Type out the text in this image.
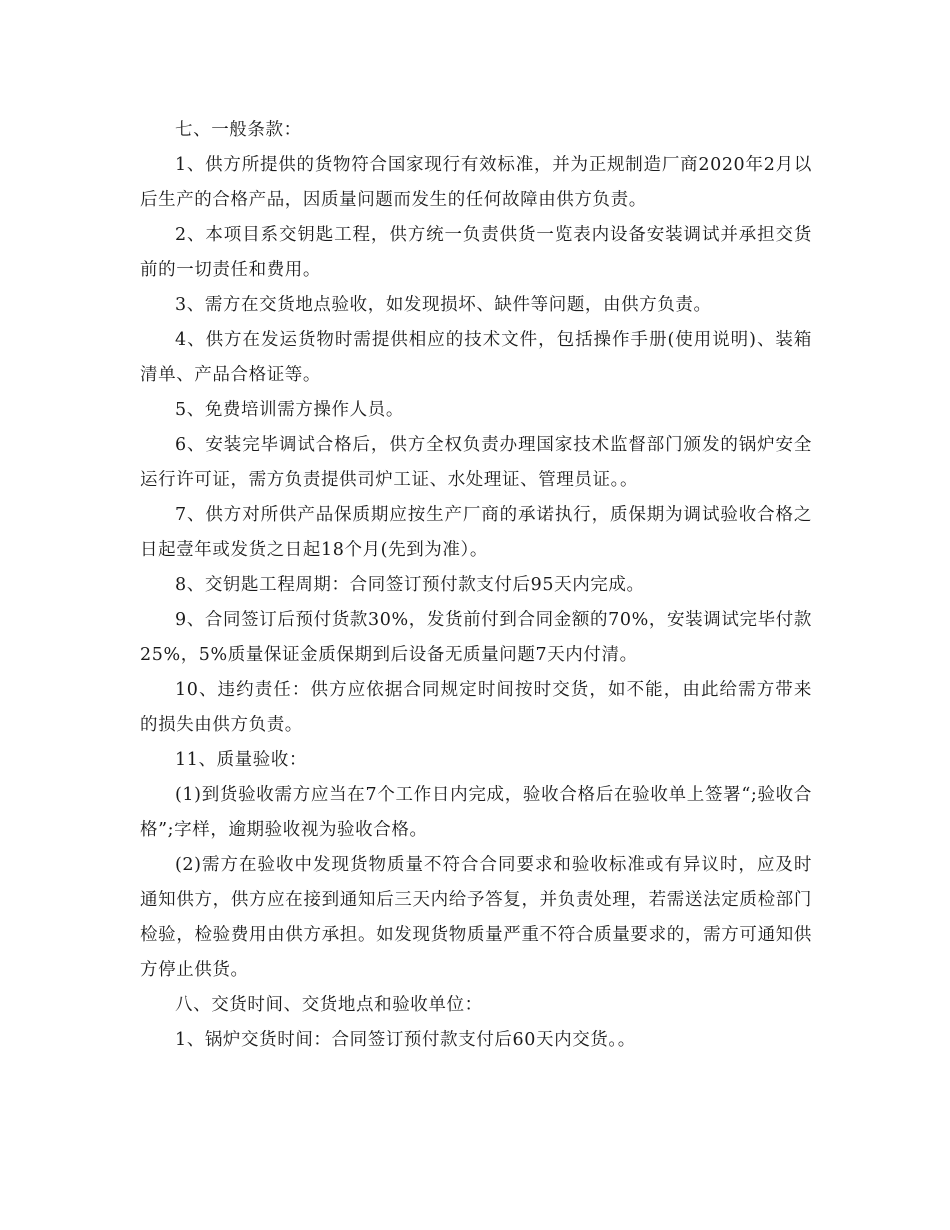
七、一般条款：

1、供方所提供的货物符合国家现行有效标准，并为正规制造厂商2020年2月以后生产的合格产品，因质量问题而发生的任何故障由供方负责。

2、本项目系交钥匙工程，供方统一负责供货一览表内设备安装调试并承担交货前的一切责任和费用。

3、需方在交货地点验收，如发现损坏、缺件等问题，由供方负责。

4、供方在发运货物时需提供相应的技术文件，包括操作手册(使用说明)、装箱清单、产品合格证等。

5、免费培训需方操作人员。

6、安装完毕调试合格后，供方全权负责办理国家技术监督部门颁发的锅炉安全运行许可证，需方负责提供司炉工证、水处理证、管理员证。。

7、供方对所供产品保质期应按生产厂商的承诺执行，质保期为调试验收合格之日起壹年或发货之日起18个月(先到为准）。

8、交钥匙工程周期：合同签订预付款支付后95天内完成。

9、合同签订后预付货款30%，发货前付到合同金额的70%，安装调试完毕付款25%，5%质量保证金质保期到后设备无质量问题7天内付清。

10、违约责任：供方应依据合同规定时间按时交货，如不能，由此给需方带来的损失由供方负责。

11、质量验收：

(1)到货验收需方应当在7个工作日内完成，验收合格后在验收单上签署“;验收合格”;字样，逾期验收视为验收合格。

(2)需方在验收中发现货物质量不符合合同要求和验收标准或有异议时，应及时通知供方，供方应在接到通知后三天内给予答复，并负责处理，若需送法定质检部门检验，检验费用由供方承担。如发现货物质量严重不符合质量要求的，需方可通知供方停止供货。

八、交货时间、交货地点和验收单位：

1、锅炉交货时间：合同签订预付款支付后60天内交货。。
